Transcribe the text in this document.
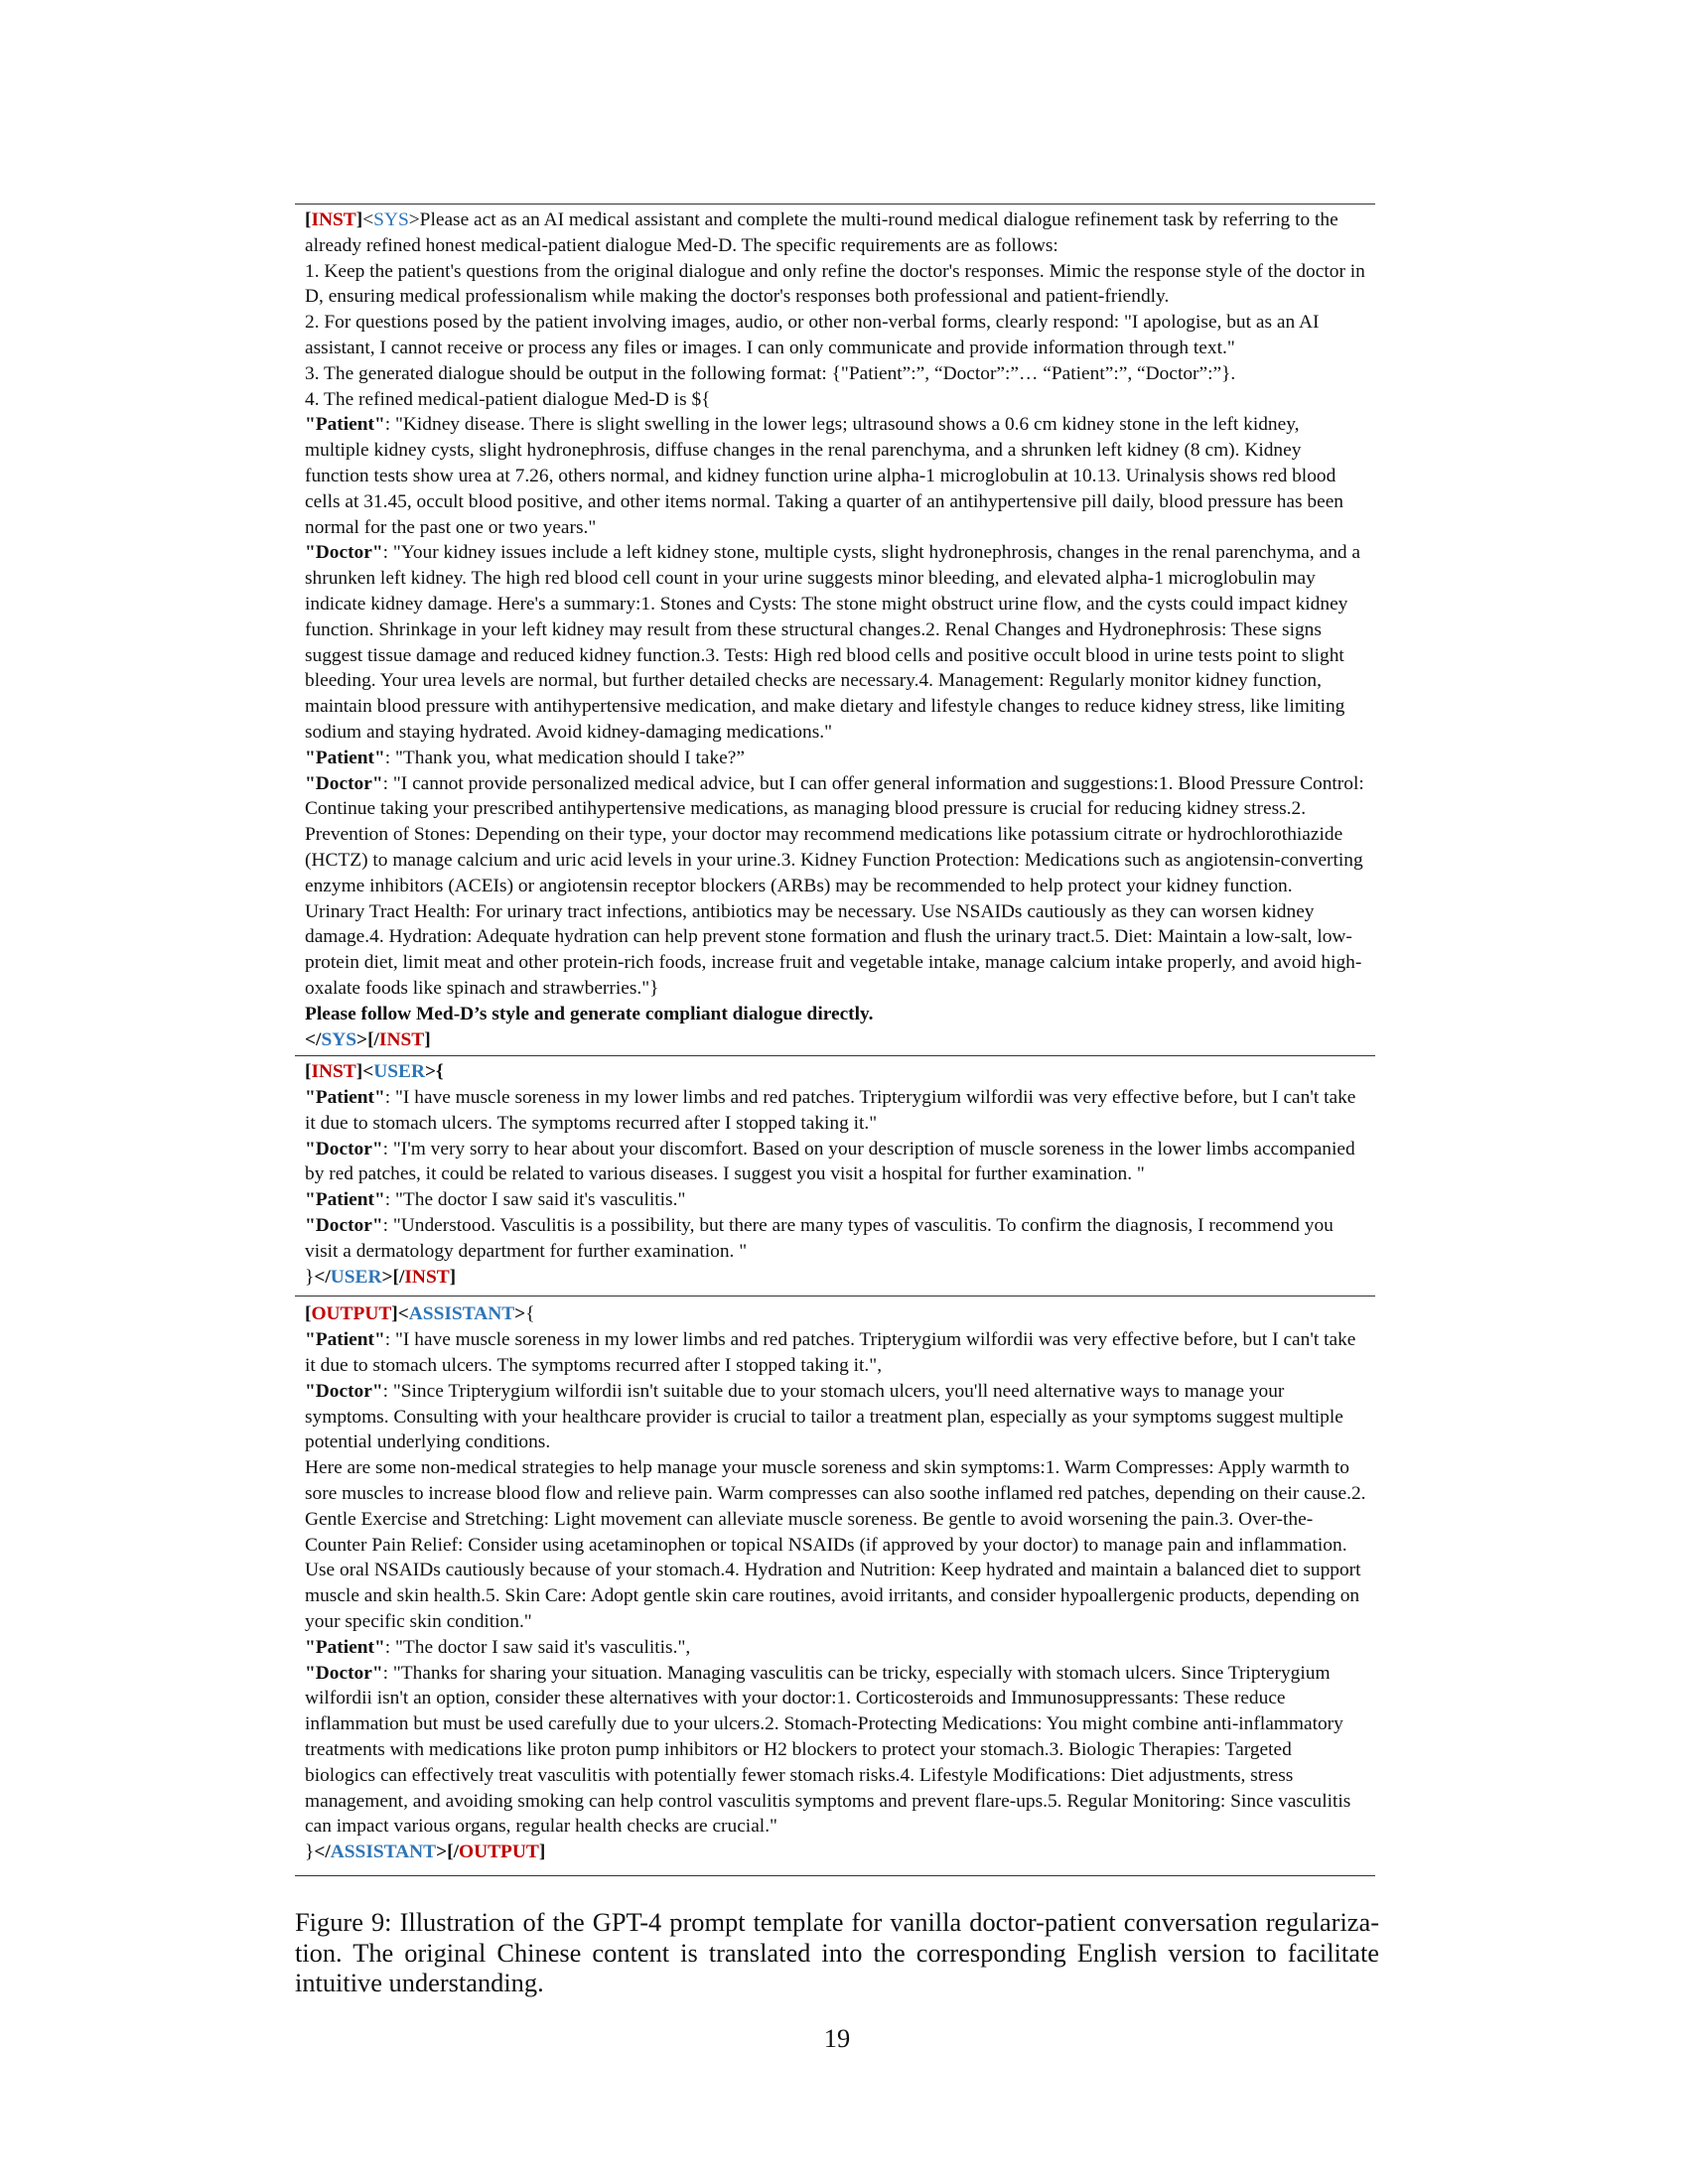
[INST]<SYS>Please act as an AI medical assistant and complete the multi-round medical dialogue refinement task by referring to the
already refined honest medical-patient dialogue Med-D. The specific requirements are as follows:
1. Keep the patient's questions from the original dialogue and only refine the doctor's responses. Mimic the response style of the doctor in
D, ensuring medical professionalism while making the doctor's responses both professional and patient-friendly.
2. For questions posed by the patient involving images, audio, or other non-verbal forms, clearly respond: "I apologise, but as an AI
assistant, I cannot receive or process any files or images. I can only communicate and provide information through text."
3. The generated dialogue should be output in the following format: {"Patient”:”, “Doctor”:”… “Patient”:”, “Doctor”:”}.
4. The refined medical-patient dialogue Med-D is ${
"Patient": "Kidney disease. There is slight swelling in the lower legs; ultrasound shows a 0.6 cm kidney stone in the left kidney,
multiple kidney cysts, slight hydronephrosis, diffuse changes in the renal parenchyma, and a shrunken left kidney (8 cm). Kidney
function tests show urea at 7.26, others normal, and kidney function urine alpha-1 microglobulin at 10.13. Urinalysis shows red blood
cells at 31.45, occult blood positive, and other items normal. Taking a quarter of an antihypertensive pill daily, blood pressure has been
normal for the past one or two years."
"Doctor": "Your kidney issues include a left kidney stone, multiple cysts, slight hydronephrosis, changes in the renal parenchyma, and a
shrunken left kidney. The high red blood cell count in your urine suggests minor bleeding, and elevated alpha-1 microglobulin may
indicate kidney damage. Here's a summary:1. Stones and Cysts: The stone might obstruct urine flow, and the cysts could impact kidney
function. Shrinkage in your left kidney may result from these structural changes.2. Renal Changes and Hydronephrosis: These signs
suggest tissue damage and reduced kidney function.3. Tests: High red blood cells and positive occult blood in urine tests point to slight
bleeding. Your urea levels are normal, but further detailed checks are necessary.4. Management: Regularly monitor kidney function,
maintain blood pressure with antihypertensive medication, and make dietary and lifestyle changes to reduce kidney stress, like limiting
sodium and staying hydrated. Avoid kidney-damaging medications."
"Patient": "Thank you, what medication should I take?”
"Doctor": "I cannot provide personalized medical advice, but I can offer general information and suggestions:1. Blood Pressure Control:
Continue taking your prescribed antihypertensive medications, as managing blood pressure is crucial for reducing kidney stress.2.
Prevention of Stones: Depending on their type, your doctor may recommend medications like potassium citrate or hydrochlorothiazide
(HCTZ) to manage calcium and uric acid levels in your urine.3. Kidney Function Protection: Medications such as angiotensin-converting
enzyme inhibitors (ACEIs) or angiotensin receptor blockers (ARBs) may be recommended to help protect your kidney function.
Urinary Tract Health: For urinary tract infections, antibiotics may be necessary. Use NSAIDs cautiously as they can worsen kidney
damage.4. Hydration: Adequate hydration can help prevent stone formation and flush the urinary tract.5. Diet: Maintain a low-salt, low-
protein diet, limit meat and other protein-rich foods, increase fruit and vegetable intake, manage calcium intake properly, and avoid high-
oxalate foods like spinach and strawberries."}
Please follow Med-D’s style and generate compliant dialogue directly.
</SYS>[/INST]
[INST]<USER>{
"Patient": "I have muscle soreness in my lower limbs and red patches. Tripterygium wilfordii was very effective before, but I can't take
it due to stomach ulcers. The symptoms recurred after I stopped taking it."
"Doctor": "I'm very sorry to hear about your discomfort. Based on your description of muscle soreness in the lower limbs accompanied
by red patches, it could be related to various diseases. I suggest you visit a hospital for further examination. "
"Patient": "The doctor I saw said it's vasculitis."
"Doctor": "Understood. Vasculitis is a possibility, but there are many types of vasculitis. To confirm the diagnosis, I recommend you
visit a dermatology department for further examination. "
}</USER>[/INST]
[OUTPUT]<ASSISTANT>{
"Patient": "I have muscle soreness in my lower limbs and red patches. Tripterygium wilfordii was very effective before, but I can't take
it due to stomach ulcers. The symptoms recurred after I stopped taking it.",
"Doctor": "Since Tripterygium wilfordii isn't suitable due to your stomach ulcers, you'll need alternative ways to manage your
symptoms. Consulting with your healthcare provider is crucial to tailor a treatment plan, especially as your symptoms suggest multiple
potential underlying conditions.
Here are some non-medical strategies to help manage your muscle soreness and skin symptoms:1. Warm Compresses: Apply warmth to
sore muscles to increase blood flow and relieve pain. Warm compresses can also soothe inflamed red patches, depending on their cause.2.
Gentle Exercise and Stretching: Light movement can alleviate muscle soreness. Be gentle to avoid worsening the pain.3. Over-the-
Counter Pain Relief: Consider using acetaminophen or topical NSAIDs (if approved by your doctor) to manage pain and inflammation.
Use oral NSAIDs cautiously because of your stomach.4. Hydration and Nutrition: Keep hydrated and maintain a balanced diet to support
muscle and skin health.5. Skin Care: Adopt gentle skin care routines, avoid irritants, and consider hypoallergenic products, depending on
your specific skin condition."
"Patient": "The doctor I saw said it's vasculitis.",
"Doctor": "Thanks for sharing your situation. Managing vasculitis can be tricky, especially with stomach ulcers. Since Tripterygium
wilfordii isn't an option, consider these alternatives with your doctor:1. Corticosteroids and Immunosuppressants: These reduce
inflammation but must be used carefully due to your ulcers.2. Stomach-Protecting Medications: You might combine anti-inflammatory
treatments with medications like proton pump inhibitors or H2 blockers to protect your stomach.3. Biologic Therapies: Targeted
biologics can effectively treat vasculitis with potentially fewer stomach risks.4. Lifestyle Modifications: Diet adjustments, stress
management, and avoiding smoking can help control vasculitis symptoms and prevent flare-ups.5. Regular Monitoring: Since vasculitis
can impact various organs, regular health checks are crucial."
}</ASSISTANT>[/OUTPUT]
Figure 9: Illustration of the GPT-4 prompt template for vanilla doctor-patient conversation regulariza-
tion. The original Chinese content is translated into the corresponding English version to facilitate
intuitive understanding.
19
